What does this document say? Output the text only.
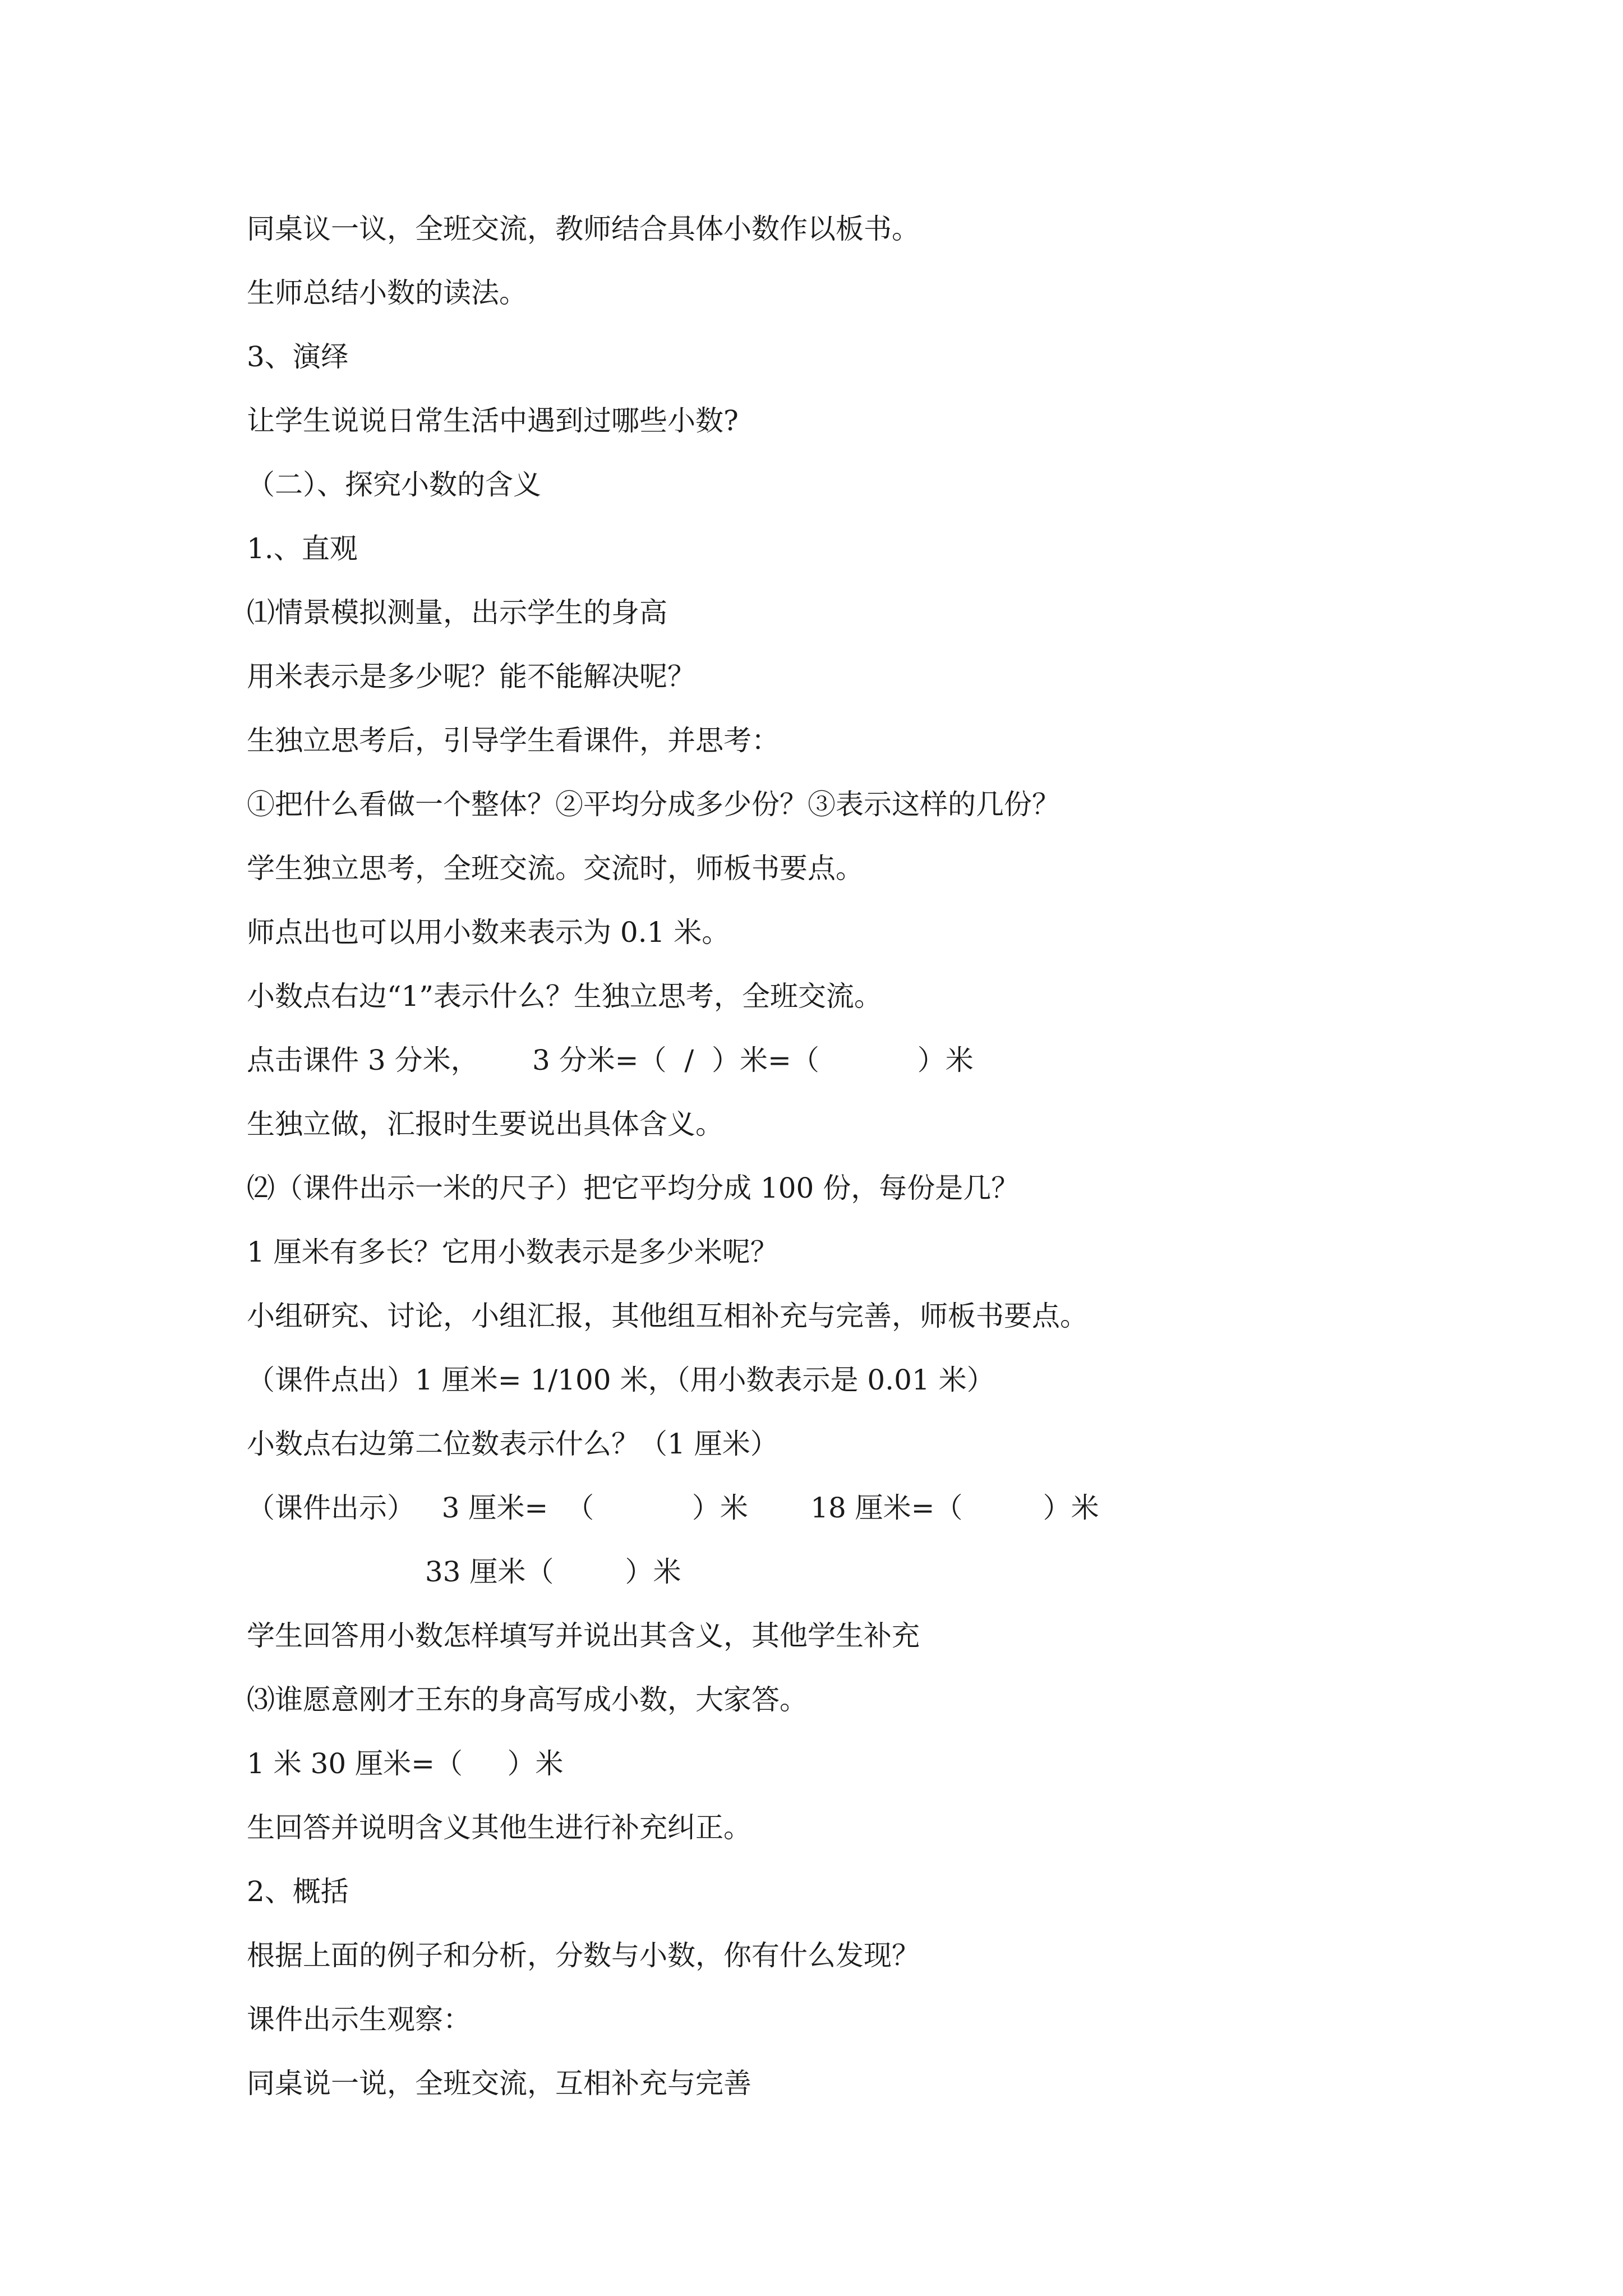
同桌议一议，全班交流，教师结合具体小数作以板书。

生师总结小数的读法。

3、演绎

让学生说说日常生活中遇到过哪些小数?

（二）、探究小数的含义

1.、直观

⑴情景模拟测量，出示学生的身高

用米表示是多少呢？能不能解决呢？

生独立思考后，引导学生看课件，并思考：

①把什么看做一个整体？②平均分成多少份？③表示这样的几份？

学生独立思考，全班交流。交流时，师板书要点。

师点出也可以用小数来表示为 0.1 米。

小数点右边“1”表示什么？生独立思考，全班交流。

点击课件 3 分米，      3 分米=（  /  ）米=（           ）米

生独立做，汇报时生要说出具体含义。

⑵（课件出示一米的尺子）把它平均分成 100 份，每份是几？

1 厘米有多长？它用小数表示是多少米呢？

小组研究、讨论，小组汇报，其他组互相补充与完善，师板书要点。

（课件点出）1 厘米= 1/100 米，（用小数表示是 0.01 米）

小数点右边第二位数表示什么？（1 厘米）

（课件出示）   3 厘米=  （           ）米       18 厘米=（         ）米

33 厘米（        ）米

学生回答用小数怎样填写并说出其含义，其他学生补充

⑶谁愿意刚才王东的身高写成小数，大家答。

1 米 30 厘米=（     ）米

生回答并说明含义其他生进行补充纠正。

2、概括

根据上面的例子和分析，分数与小数，你有什么发现？

课件出示生观察：

同桌说一说，全班交流，互相补充与完善
